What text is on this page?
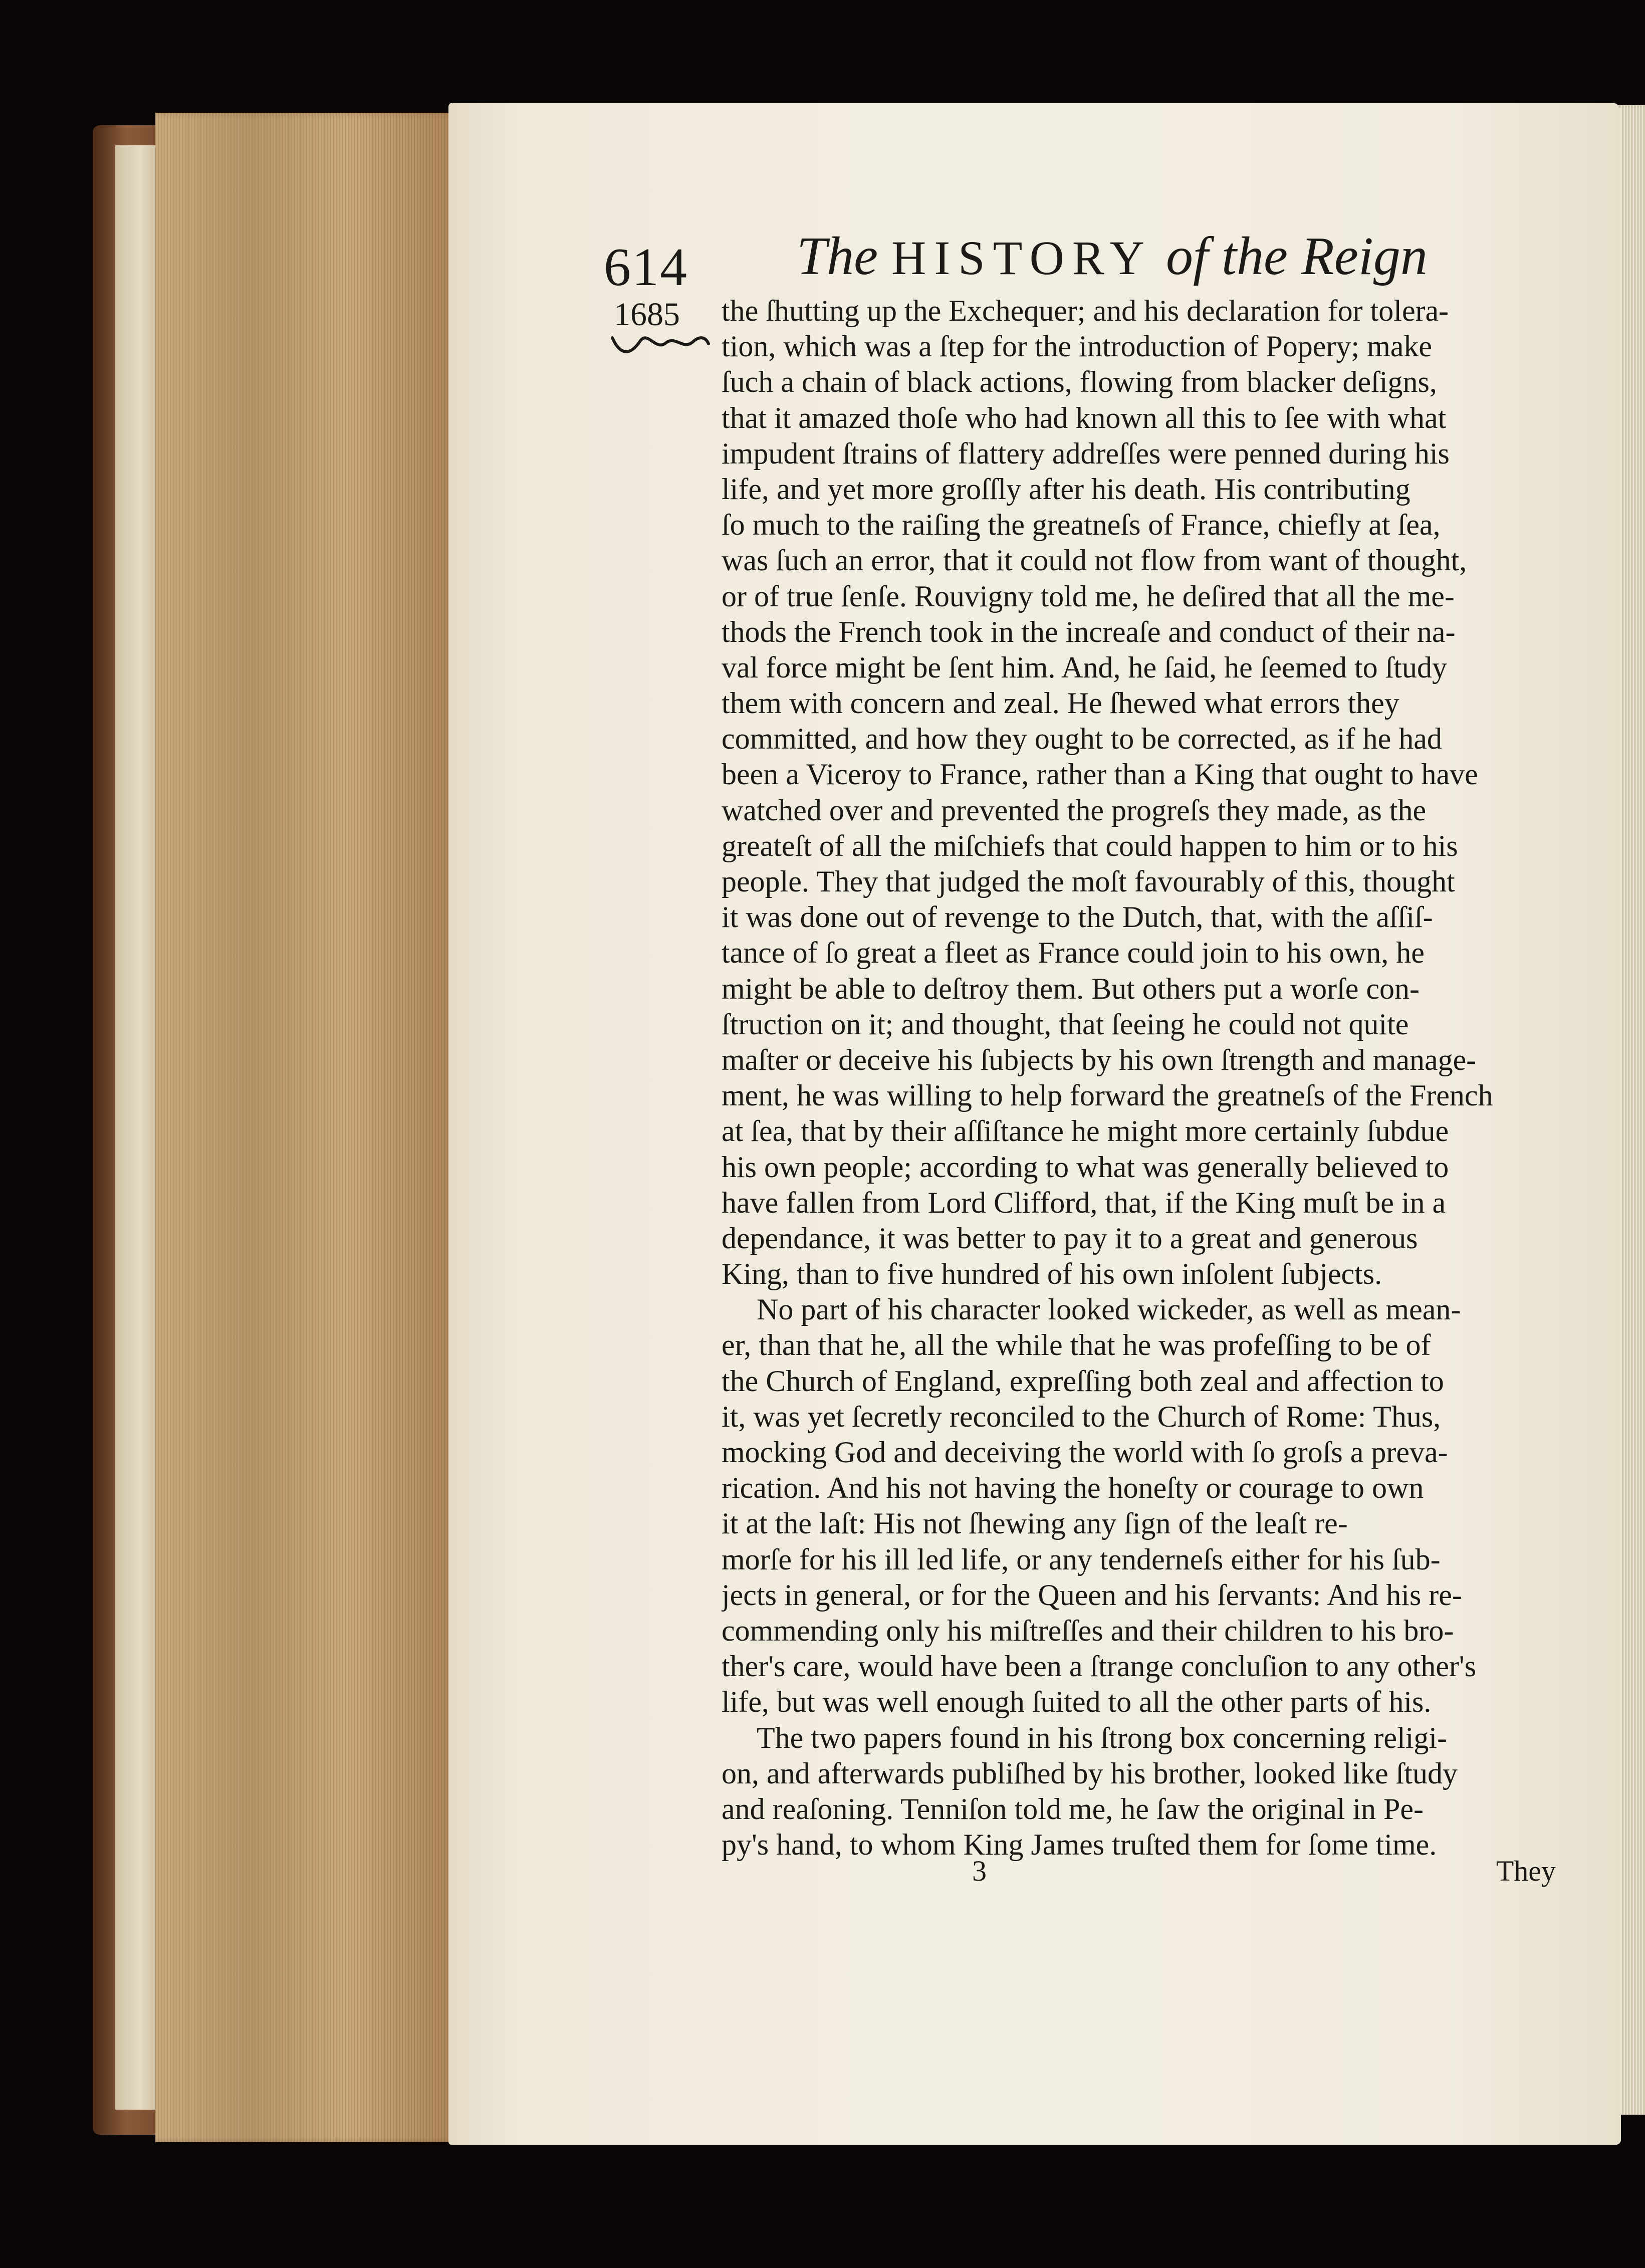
614 The HISTORY of the Reign
1685 the ſhutting up the Exchequer; and his declaration for tolera-
tion, which was a ſtep for the introduction of Popery; make
ſuch a chain of black actions, flowing from blacker deſigns,
that it amazed thoſe who had known all this to ſee with what
impudent ſtrains of flattery addreſſes were penned during his
life, and yet more groſſly after his death. His contributing
ſo much to the raiſing the greatneſs of France, chiefly at ſea,
was ſuch an error, that it could not flow from want of thought,
or of true ſenſe. Rouvigny told me, he deſired that all the me-
thods the French took in the increaſe and conduct of their na-
val force might be ſent him. And, he ſaid, he ſeemed to ſtudy
them with concern and zeal. He ſhewed what errors they
committed, and how they ought to be corrected, as if he had
been a Viceroy to France, rather than a King that ought to have
watched over and prevented the progreſs they made, as the
greateſt of all the miſchiefs that could happen to him or to his
people. They that judged the moſt favourably of this, thought
it was done out of revenge to the Dutch, that, with the aſſiſ-
tance of ſo great a fleet as France could join to his own, he
might be able to deſtroy them. But others put a worſe con-
ſtruction on it; and thought, that ſeeing he could not quite
maſter or deceive his ſubjects by his own ſtrength and manage-
ment, he was willing to help forward the greatneſs of the French
at ſea, that by their aſſiſtance he might more certainly ſubdue
his own people; according to what was generally believed to
have fallen from Lord Clifford, that, if the King muſt be in a
dependance, it was better to pay it to a great and generous
King, than to five hundred of his own inſolent ſubjects.
No part of his character looked wickeder, as well as mean-
er, than that he, all the while that he was profeſſing to be of
the Church of England, expreſſing both zeal and affection to
it, was yet ſecretly reconciled to the Church of Rome: Thus,
mocking God and deceiving the world with ſo groſs a preva-
rication. And his not having the honeſty or courage to own
it at the laſt: His not ſhewing any ſign of the leaſt re-
morſe for his ill led life, or any tenderneſs either for his ſub-
jects in general, or for the Queen and his ſervants: And his re-
commending only his miſtreſſes and their children to his bro-
ther's care, would have been a ſtrange concluſion to any other's
life, but was well enough ſuited to all the other parts of his.
The two papers found in his ſtrong box concerning religi-
on, and afterwards publiſhed by his brother, looked like ſtudy
and reaſoning. Tenniſon told me, he ſaw the original in Pe-
py's hand, to whom King James truſted them for ſome time.
3	They
